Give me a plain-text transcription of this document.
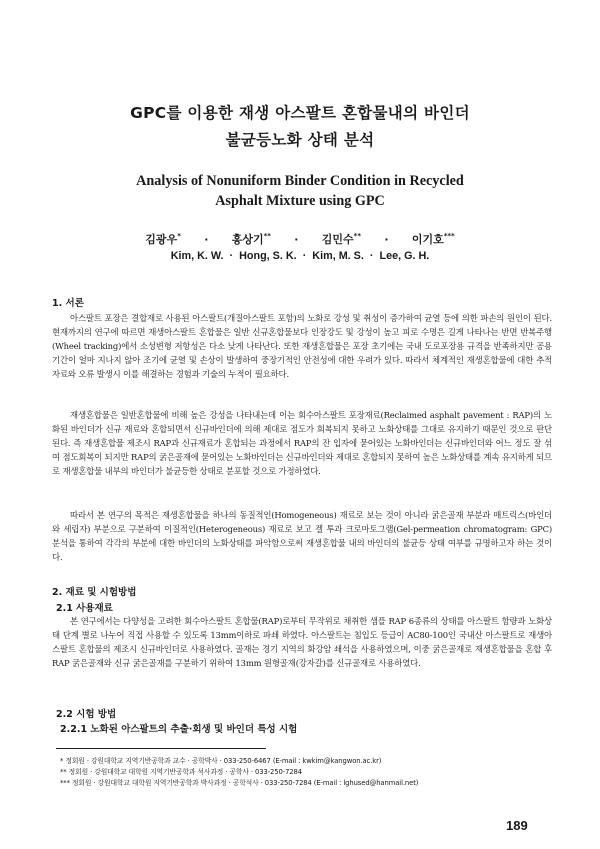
GPC를 이용한 재생 아스팔트 혼합물내의 바인더
불균등노화 상태 분석
Analysis of Nonuniform Binder Condition in Recycled
Asphalt Mixture using GPC
김광우* · 홍상기** · 김민수** · 이기호***
Kim, K. W. · Hong, S. K. · Kim, M. S. · Lee, G. H.
1. 서론
아스팔트 포장은 결합재로 사용된 아스팔트(개질아스팔트 포함)의 노화로 강성 및 취성이 증가하여 균열 등에 의한 파손의 원인이 된다. 현재까지의 연구에 따르면 재생아스팔트 혼합물은 일반 신규혼합물보다 인장강도 및 강성이 높고 피로 수명은 길게 나타나는 반면 반복주행(Wheel tracking)에서 소성변형 저항성은 다소 낮게 나타난다. 또한 재생혼합물은 포장 초기에는 국내 도로포장용 규격을 반족하지만 공용 기간이 얼마 지나지 않아 조기에 균열 및 손상이 발생하여 중장기적인 안전성에 대한 우려가 있다. 따라서 체계적인 재생혼합물에 대한 추적자료와 오류 발생시 이를 해결하는 경험과 기술의 누적이 필요하다.
재생혼합물은 일반혼합물에 비해 높은 강성을 나타내는데 이는 회수아스팔트 포장재료(Reclaimed asphalt pavement : RAP)의 노화된 바인더가 신규 재료와 혼합되면서 신규바인더에 의해 제대로 점도가 회복되지 못하고 노화상태를 그대로 유지하기 때문인 것으로 판단된다. 즉 재생혼합물 제조시 RAP과 신규재료가 혼합되는 과정에서 RAP의 잔 입자에 묻어있는 노화바인더는 신규바인더와 어느 정도 잘 섞여 점도회복이 되지만 RAP의 굵은골재에 묻어있는 노화바인더는 신규바인더와 제대로 혼합되지 못하여 높은 노화상태를 계속 유지하게 되므로 재생혼합물 내부의 바인더가 불균등한 상태로 분포할 것으로 가정하였다.
따라서 본 연구의 목적은 재생혼합물을 하나의 동질적인(Homogeneous) 재료로 보는 것이 아니라 굵은골재 부분과 매트릭스(바인더와 세립자) 부분으로 구분하여 이질적인(Heterogeneous) 재료로 보고 겔 투과 크로마토그램(Gel-permeation chromatogram: GPC) 분석을 통하여 각각의 부분에 대한 바인더의 노화상태를 파악함으로써 재생혼합물 내의 바인더의 불균등 상태 여부를 규명하고자 하는 것이다.
2. 재료 및 시험방법
2.1 사용재료
본 연구에서는 다양성을 고려한 회수아스팔트 혼합물(RAP)로부터 무작위로 채취한 샘플 RAP 6종류의 상태를 아스팔트 함량과 노화상태 단계 별로 나누어 직접 사용할 수 있도록 13mm이하로 파쇄 하였다. 아스팔트는 침입도 등급이 AC80-100인 국내산 아스팔트로 재생아스팔트 혼합물의 제조시 신규바인더로 사용하였다. 골재는 경기 지역의 화강암 쇄석을 사용하였으며, 이중 굵은골재로 재생혼합물을 혼합 후 RAP 굵은골재와 신규 굵은골재를 구분하기 위하여 13mm 원형골재(강자갈)를 신규골재로 사용하였다.
2.2 시험 방법
2.2.1 노화된 아스팔트의 추출·회생 및 바인더 특성 시험
* 정회원 · 강원대학교 지역기반공학과 교수 · 공학박사 · 033-250-6467 (E-mail : kwkim@kangwon.ac.kr)
** 정회원 · 강원대학교 대학원 지역기반공학과 석사과정 · 공학사 · 033-250-7284
*** 정회원 · 강원대학교 대학원 지역기반공학과 박사과정 · 공학석사 · 033-250-7284 (E-mail : lghused@hanmail.net)
189
